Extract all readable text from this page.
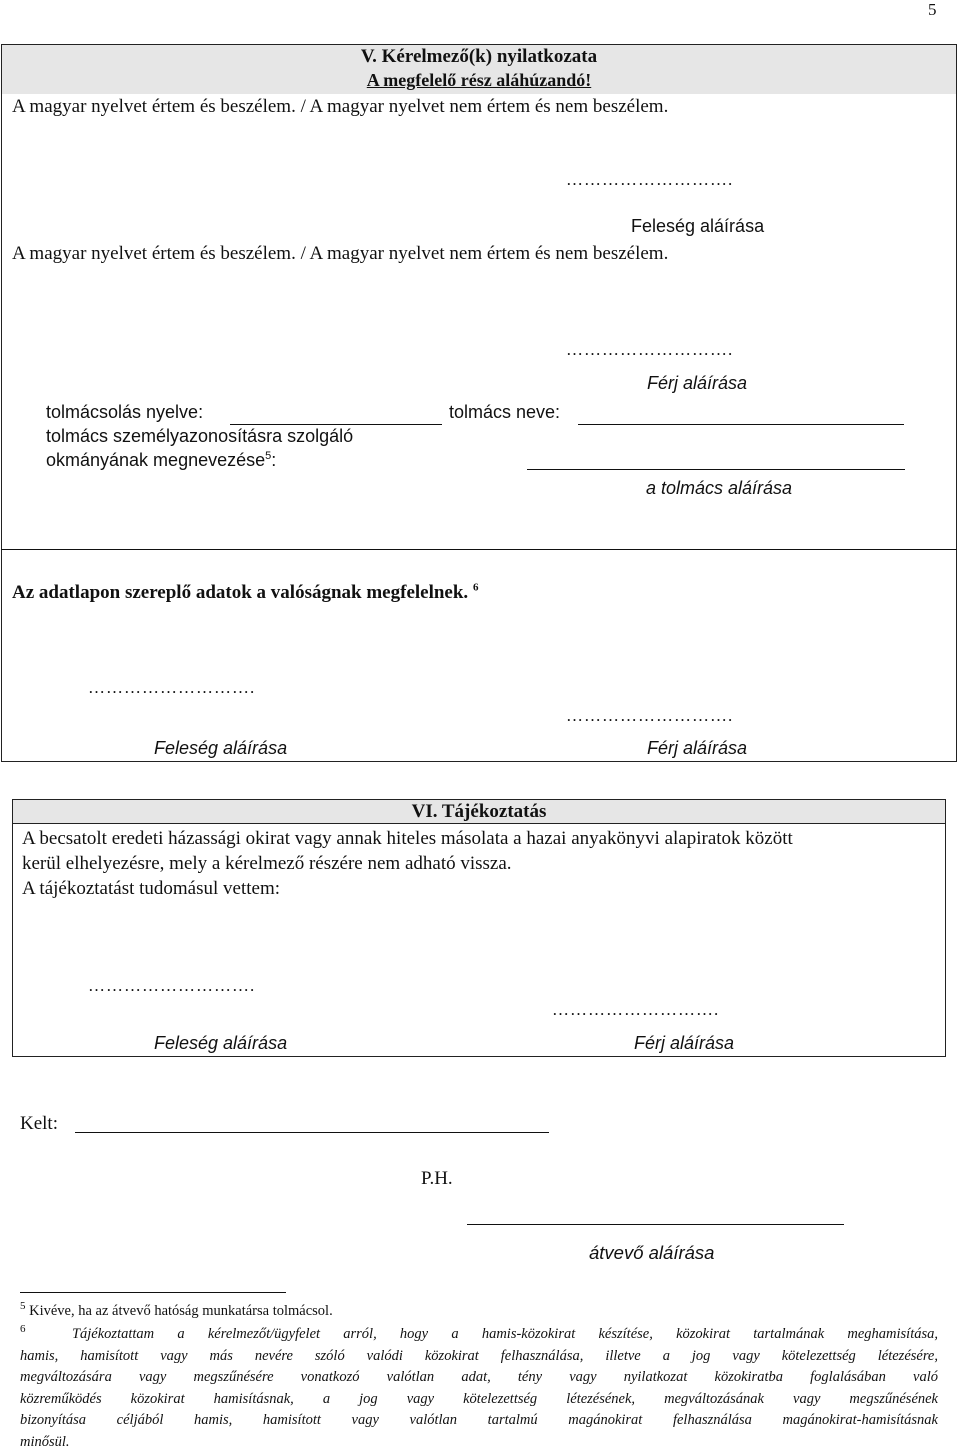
5
V. Kérelmező(k) nyilatkozata
A megfelelő rész aláhúzandó!
A magyar nyelvet értem és beszélem. / A magyar nyelvet nem értem és nem beszélem.
……………………….
Feleség aláírása
A magyar nyelvet értem és beszélem. / A magyar nyelvet nem értem és nem beszélem.
……………………….
Férj aláírása
tolmácsolás nyelve:	tolmács neve:
tolmács személyazonosításra szolgáló
okmányának megnevezése$^5$:
a tolmács aláírása
Az adatlapon szereplő adatok a valóságnak megfelelnek. $^6$
……………………….
Feleség aláírása
……………………….
Férj aláírása
VI. Tájékoztatás
A becsatolt eredeti házassági okirat vagy annak hiteles másolata a hazai anyakönyvi alapiratok között
kerül elhelyezésre, mely a kérelmező részére nem adható vissza.
A tájékoztatást tudomásul vettem:
……………………….
Feleség aláírása
……………………….
Férj aláírása
Kelt:
P.H.
átvevő aláírása
$^5$ Kivéve, ha az átvevő hatóság munkatársa tolmácsol.
$^6$	Tájékoztattam a kérelmezőt/ügyfelet arról, hogy a hamis-közokirat készítése, közokirat tartalmának meghamisítása,
hamis, hamisított vagy más nevére szóló valódi közokirat felhasználása, illetve a jog vagy kötelezettség létezésére,
megváltozására vagy megszűnésére vonatkozó valótlan adat, tény vagy nyilatkozat közokiratba foglalásában való
közreműködés közokirat hamisításnak, a jog vagy kötelezettség létezésének, megváltozásának vagy megszűnésének
bizonyítása céljából hamis, hamisított vagy valótlan tartalmú magánokirat felhasználása magánokirat-hamisításnak
minősül.
